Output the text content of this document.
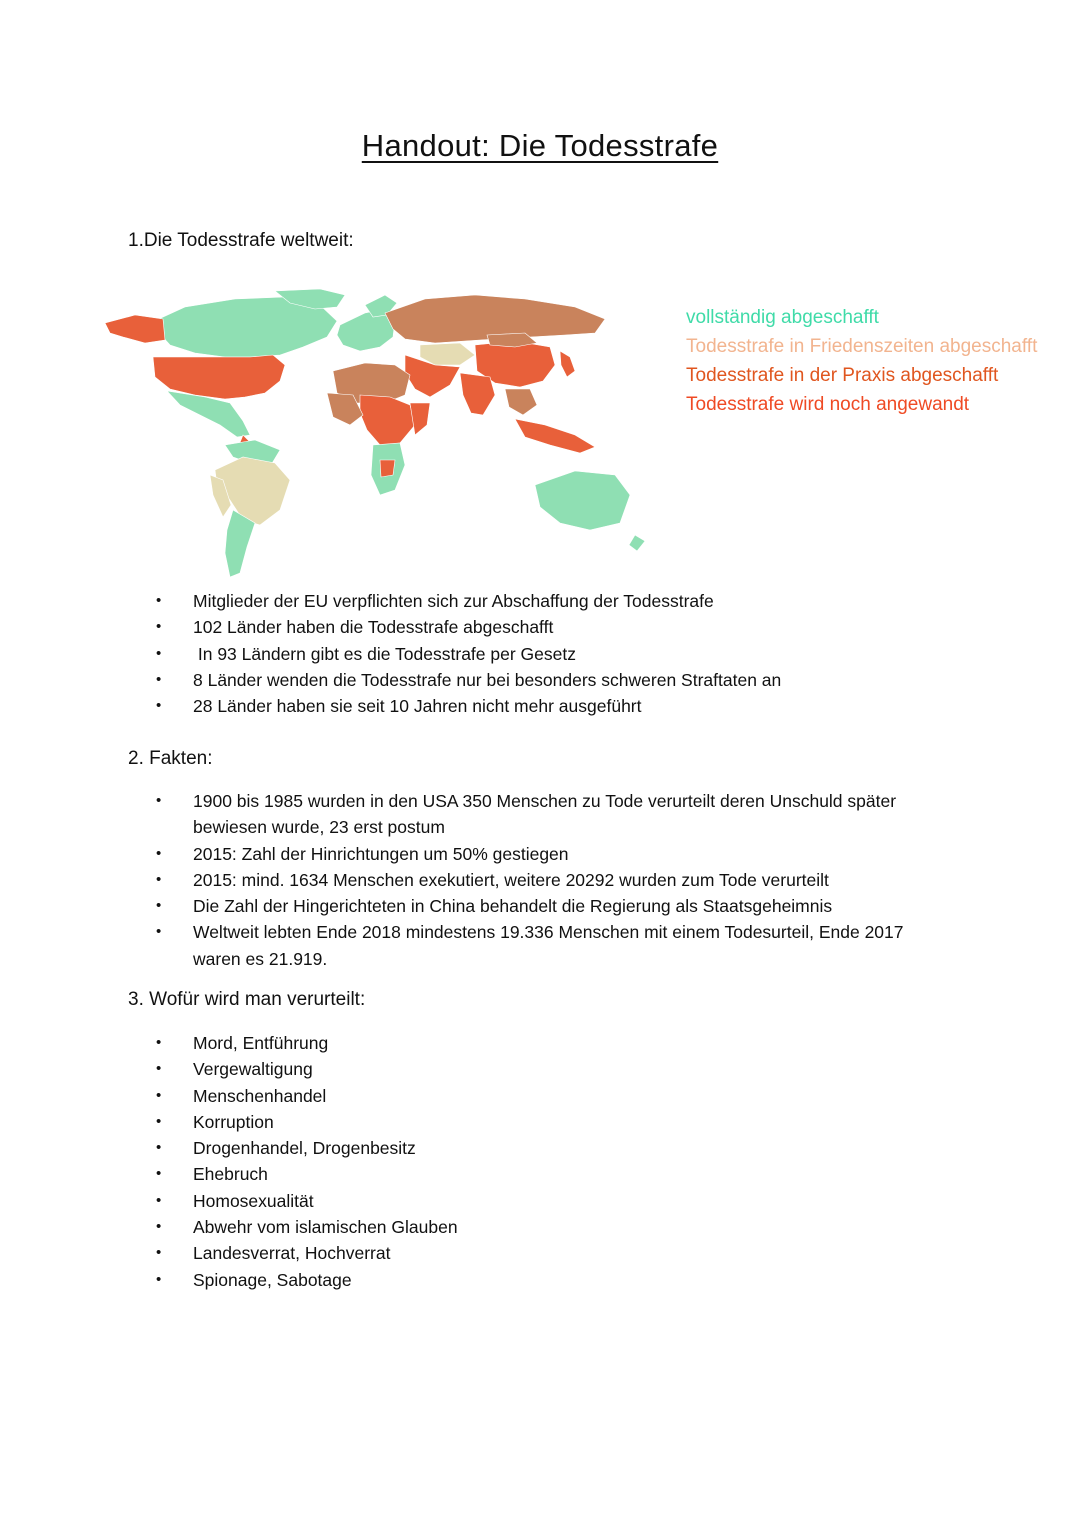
Handout: Die Todesstrafe
1.Die Todesstrafe weltweit:
vollständig abgeschafft
Todesstrafe in Friedenszeiten abgeschafft
Todesstrafe in der Praxis abgeschafft
Todesstrafe wird noch angewandt
• Mitglieder der EU verpflichten sich zur Abschaffung der Todesstrafe
• 102 Länder haben die Todesstrafe abgeschafft
•  In 93 Ländern gibt es die Todesstrafe per Gesetz
• 8 Länder wenden die Todesstrafe nur bei besonders schweren Straftaten an
• 28 Länder haben sie seit 10 Jahren nicht mehr ausgeführt
2. Fakten:
• 1900 bis 1985 wurden in den USA 350 Menschen zu Tode verurteilt deren Unschuld später bewiesen wurde, 23 erst postum
• 2015: Zahl der Hinrichtungen um 50% gestiegen
• 2015: mind. 1634 Menschen exekutiert, weitere 20292 wurden zum Tode verurteilt
• Die Zahl der Hingerichteten in China behandelt die Regierung als Staatsgeheimnis
• Weltweit lebten Ende 2018 mindestens 19.336 Menschen mit einem Todesurteil, Ende 2017 waren es 21.919.
3. Wofür wird man verurteilt:
• Mord, Entführung
• Vergewaltigung
• Menschenhandel
• Korruption
• Drogenhandel, Drogenbesitz
• Ehebruch
• Homosexualität
• Abwehr vom islamischen Glauben
• Landesverrat, Hochverrat
• Spionage, Sabotage
